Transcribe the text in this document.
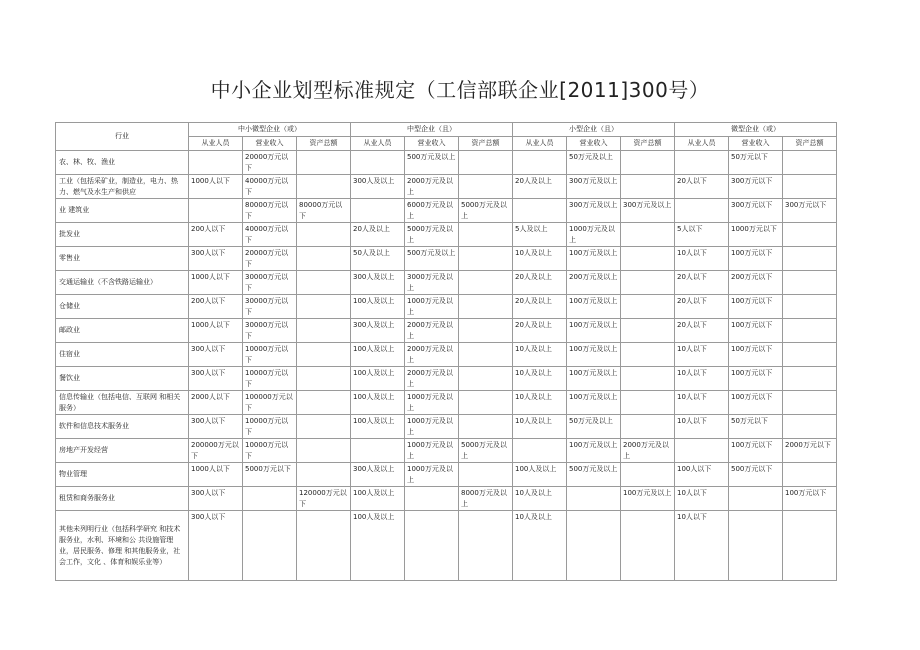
中小企业划型标准规定（工信部联企业[2011]300号）
行业	中小微型企业（或）			中型企业（且）			小型企业（且）			微型企业（或）		
	从业人员	营业收入	资产总额	从业人员	营业收入	资产总额	从业人员	营业收入	资产总额	从业人员	营业收入	资产总额
农、林、牧、渔业		20000万元以下			500万元及以上			50万元及以上			50万元以下	
工业（包括采矿业，制造业，电力、热力、燃气及水生产和供应	1000人以下	40000万元以下		300人及以上	2000万元及以上		20人及以上	300万元及以上		20人以下	300万元以下	
业 建筑业		80000万元以下	80000万元以下		6000万元及以上	5000万元及以上		300万元及以上	300万元及以上		300万元以下	300万元以下
批发业	200人以下	40000万元以下		20人及以上	5000万元及以上		5人及以上	1000万元及以上		5人以下	1000万元以下	
零售业	300人以下	20000万元以下		50人及以上	500万元及以上		10人及以上	100万元及以上		10人以下	100万元以下	
交通运输业（不含铁路运输业）	1000人以下	30000万元以下		300人及以上	3000万元及以上		20人及以上	200万元及以上		20人以下	200万元以下	
仓储业	200人以下	30000万元以下		100人及以上	1000万元及以上		20人及以上	100万元及以上		20人以下	100万元以下	
邮政业	1000人以下	30000万元以下		300人及以上	2000万元及以上		20人及以上	100万元及以上		20人以下	100万元以下	
住宿业	300人以下	10000万元以下		100人及以上	2000万元及以上		10人及以上	100万元及以上		10人以下	100万元以下	
餐饮业	300人以下	10000万元以下		100人及以上	2000万元及以上		10人及以上	100万元及以上		10人以下	100万元以下	
信息传输业（包括电信、互联网 和相关服务）	2000人以下	100000万元以下		100人及以上	1000万元及以上		10人及以上	100万元及以上		10人以下	100万元以下	
软件和信息技术服务业	300人以下	10000万元以下		100人及以上	1000万元及以上		10人及以上	50万元及以上		10人以下	50万元以下	
房地产开发经营	200000万元以下	10000万元以下			1000万元及以上	5000万元及以上		100万元及以上	2000万元及以上		100万元以下	2000万元以下
物业管理	1000人以下	5000万元以下		300人及以上	1000万元及以上		100人及以上	500万元及以上		100人以下	500万元以下	
租赁和商务服务业	300人以下		120000万元以下	100人及以上		8000万元及以上	10人及以上		100万元及以上	10人以下		100万元以下
其他未列明行业（包括科学研究 和技术服务业，水利、环境和公 共设施管理业，居民服务、修理 和其他服务业，社会工作，文化 、体育和娱乐业等）	300人以下			100人及以上			10人及以上			10人以下		
